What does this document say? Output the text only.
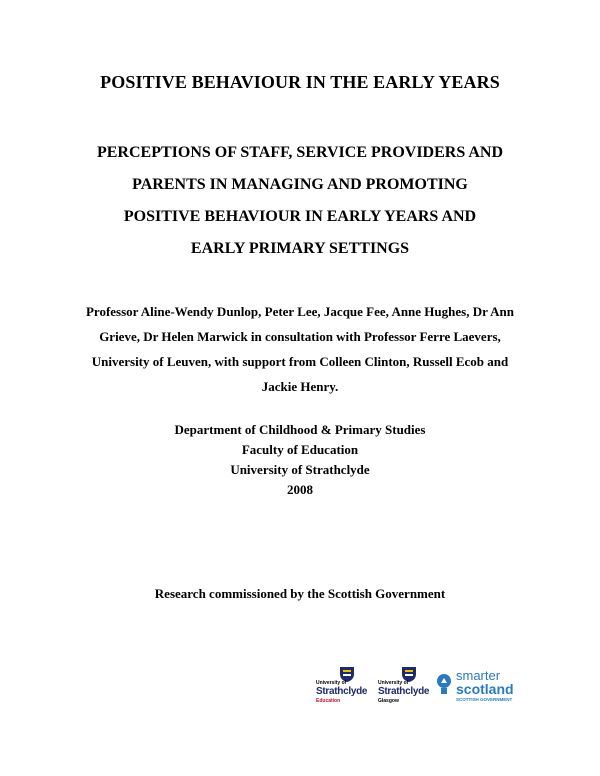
POSITIVE BEHAVIOUR IN THE EARLY YEARS
PERCEPTIONS OF STAFF, SERVICE PROVIDERS AND
PARENTS IN MANAGING AND PROMOTING
POSITIVE BEHAVIOUR IN EARLY YEARS AND
EARLY PRIMARY SETTINGS
Professor Aline-Wendy Dunlop, Peter Lee, Jacque Fee, Anne Hughes, Dr Ann
Grieve, Dr Helen Marwick in consultation with Professor Ferre Laevers,
University of Leuven, with support from Colleen Clinton, Russell Ecob and
Jackie Henry.
Department of Childhood & Primary Studies
Faculty of Education
University of Strathclyde
2008
Research commissioned by the Scottish Government
University of
Strathclyde
Education
University of
Strathclyde
Glasgow
smarter
scotland
SCOTTISH GOVERNMENT
